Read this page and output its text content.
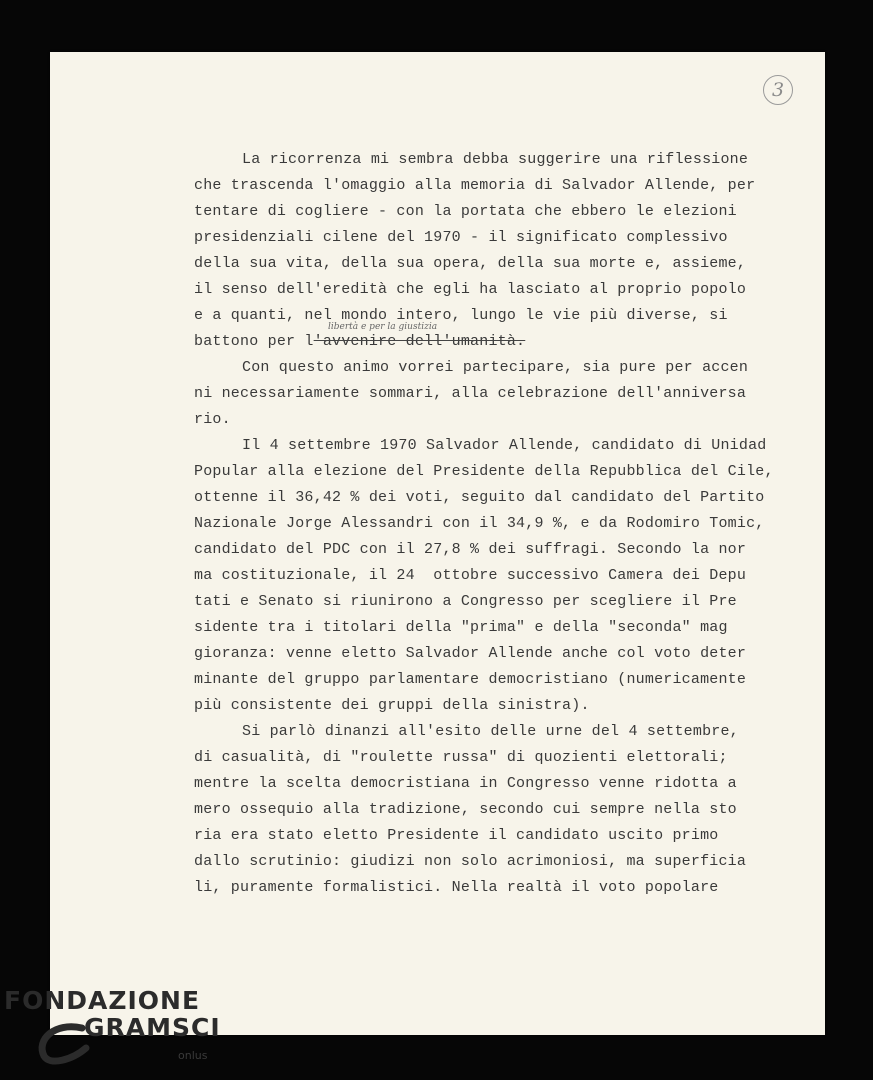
3
libertà e per la giustizia
La ricorrenza mi sembra debba suggerire una riflessione
che trascenda l'omaggio alla memoria di Salvador Allende, per
tentare di cogliere - con la portata che ebbero le elezioni
presidenziali cilene del 1970 - il significato complessivo
della sua vita, della sua opera, della sua morte e, assieme,
il senso dell'eredità che egli ha lasciato al proprio popolo
e a quanti, nel mondo intero, lungo le vie più diverse, si
battono per l'avvenire dell'umanità.
Con questo animo vorrei partecipare, sia pure per accen
ni necessariamente sommari, alla celebrazione dell'anniversa
rio.
Il 4 settembre 1970 Salvador Allende, candidato di Unidad
Popular alla elezione del Presidente della Repubblica del Cile,
ottenne il 36,42 % dei voti, seguito dal candidato del Partito
Nazionale Jorge Alessandri con il 34,9 %, e da Rodomiro Tomic,
candidato del PDC con il 27,8 % dei suffragi. Secondo la nor
ma costituzionale, il 24  ottobre successivo Camera dei Depu
tati e Senato si riunirono a Congresso per scegliere il Pre
sidente tra i titolari della "prima" e della "seconda" mag
gioranza: venne eletto Salvador Allende anche col voto deter
minante del gruppo parlamentare democristiano (numericamente
più consistente dei gruppi della sinistra).
Si parlò dinanzi all'esito delle urne del 4 settembre,
di casualità, di "roulette russa" di quozienti elettorali;
mentre la scelta democristiana in Congresso venne ridotta a
mero ossequio alla tradizione, secondo cui sempre nella sto
ria era stato eletto Presidente il candidato uscito primo
dallo scrutinio: giudizi non solo acrimoniosi, ma superficia
li, puramente formalistici. Nella realtà il voto popolare
FONDAZIONE
GRAMSCI
onlus
